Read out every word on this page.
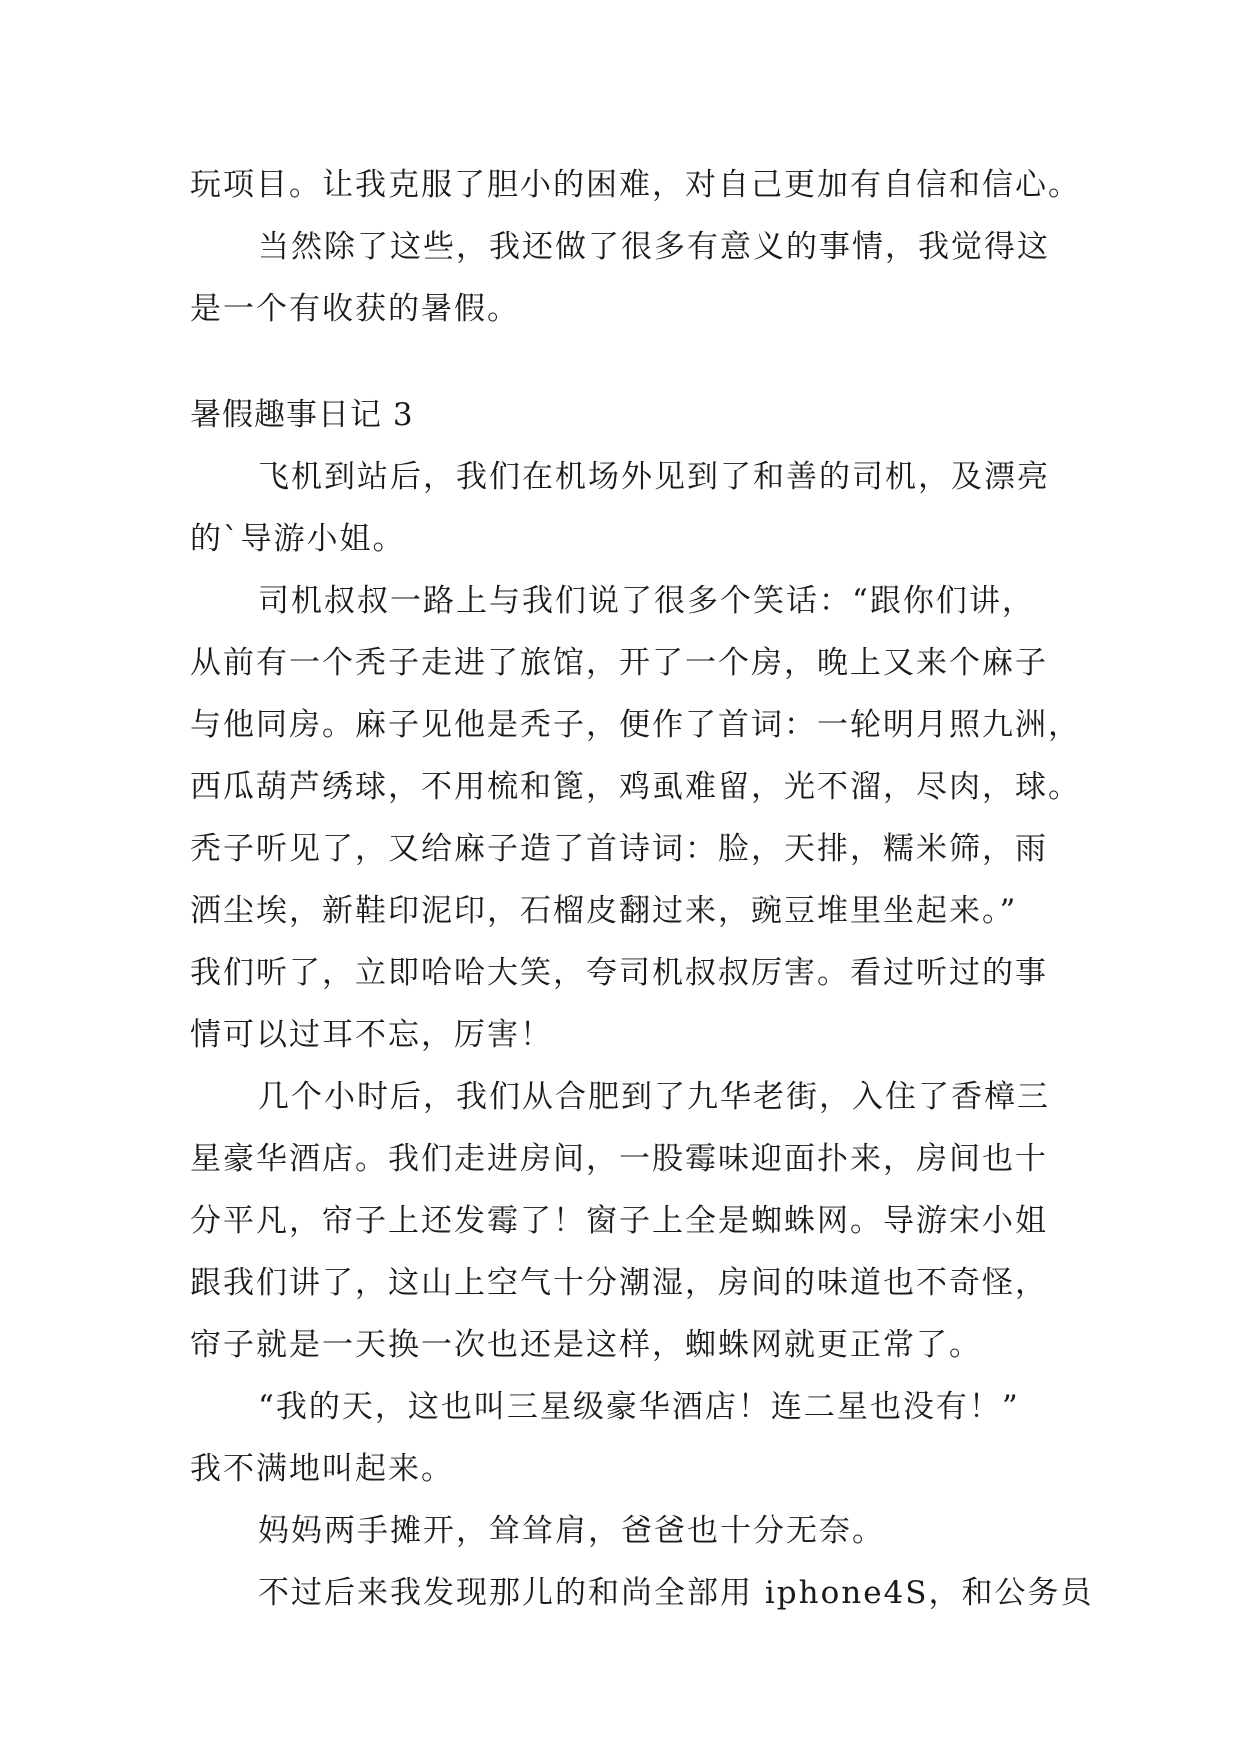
玩项目。让我克服了胆小的困难，对自己更加有自信和信心。

当然除了这些，我还做了很多有意义的事情，我觉得这

是一个有收获的暑假。

暑假趣事日记 3

飞机到站后，我们在机场外见到了和善的司机，及漂亮

的`导游小姐。

司机叔叔一路上与我们说了很多个笑话：“跟你们讲，

从前有一个秃子走进了旅馆，开了一个房，晚上又来个麻子

与他同房。麻子见他是秃子，便作了首词：一轮明月照九洲，

西瓜葫芦绣球，不用梳和篦，鸡虱难留，光不溜，尽肉，球。

秃子听见了，又给麻子造了首诗词：脸，天排，糯米筛，雨

洒尘埃，新鞋印泥印，石榴皮翻过来，豌豆堆里坐起来。”

我们听了，立即哈哈大笑，夸司机叔叔厉害。看过听过的事

情可以过耳不忘，厉害！

几个小时后，我们从合肥到了九华老街，入住了香樟三

星豪华酒店。我们走进房间，一股霉味迎面扑来，房间也十

分平凡，帘子上还发霉了！窗子上全是蜘蛛网。导游宋小姐

跟我们讲了，这山上空气十分潮湿，房间的味道也不奇怪，

帘子就是一天换一次也还是这样，蜘蛛网就更正常了。

“我的天，这也叫三星级豪华酒店！连二星也没有！”

我不满地叫起来。

妈妈两手摊开，耸耸肩，爸爸也十分无奈。

不过后来我发现那儿的和尚全部用 iphone4S，和公务员
